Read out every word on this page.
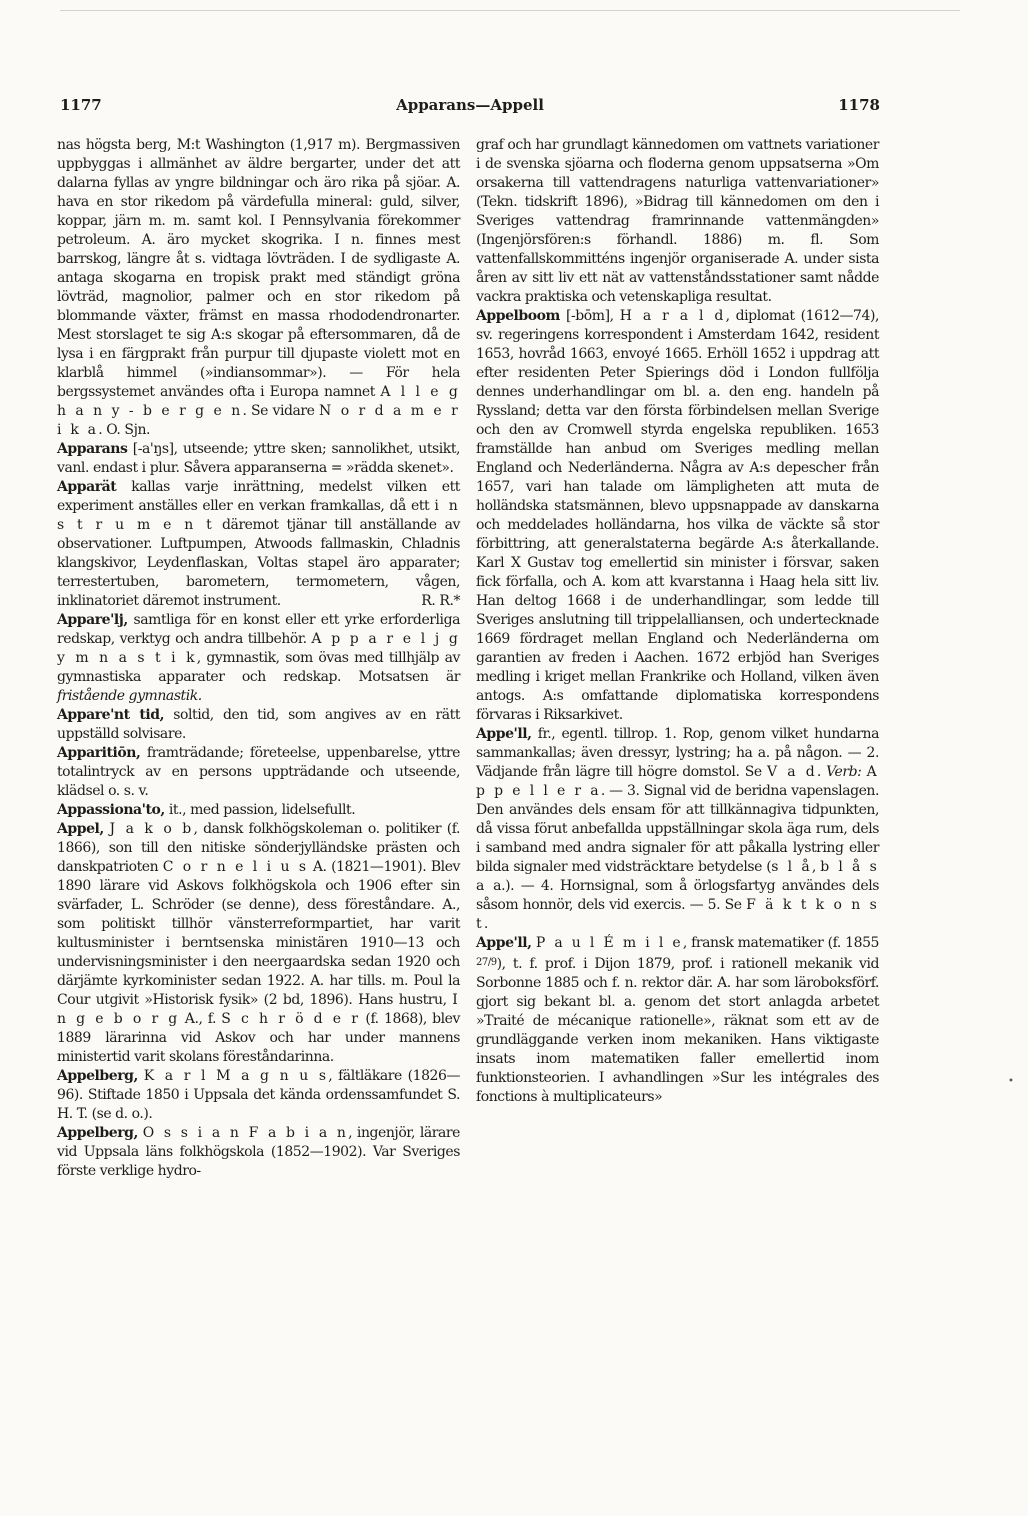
1177	Apparans—Appell	1178

nas högsta berg, M:t Washington (1,917 m). Bergmassiven uppbyggas i allmänhet av äldre bergarter, under det att dalarna fyllas av yngre bildningar och äro rika på sjöar. A. hava en stor rikedom på värdefulla mineral: guld, silver, koppar, järn m. m. samt kol. I Pennsylvania förekommer petroleum. A. äro mycket skogrika. I n. finnes mest barrskog, längre åt s. vidtaga lövträden. I de sydligaste A. antaga skogarna en tropisk prakt med ständigt gröna lövträd, magnolior, palmer och en stor rikedom på blommande växter, främst en massa rhododendronarter. Mest storslaget te sig A:s skogar på eftersommaren, då de lysa i en färgprakt från purpur till djupaste violett mot en klarblå himmel (»indiansommar»). — För hela bergssystemet användes ofta i Europa namnet A l l e g h a n y - b e r g e n. Se vidare N o r d a m e r i k a. O. Sjn.

Apparans [-a'ŋs], utseende; yttre sken; sannolikhet, utsikt, vanl. endast i plur. Såvera apparanserna = »rädda skenet».

Apparät kallas varje inrättning, medelst vilken ett experiment anställes eller en verkan framkallas, då ett i n s t r u m e n t däremot tjänar till anställande av observationer. Luftpumpen, Atwoods fallmaskin, Chladnis klangskivor, Leydenflaskan, Voltas stapel äro apparater; terrestertuben, barometern, termometern, vågen, inklinatoriet däremot instrument.	R. R.*

Appare'lj, samtliga för en konst eller ett yrke erforderliga redskap, verktyg och andra tillbehör. A p p a r e l j g y m n a s t i k, gymnastik, som övas med tillhjälp av gymnastiska apparater och redskap. Motsatsen är fristående gymnastik.

Appare'nt tid, soltid, den tid, som angives av en rätt uppställd solvisare.

Apparitiōn, framträdande; företeelse, uppenbarelse, yttre totalintryck av en persons uppträdande och utseende, klädsel o. s. v.

Appassiona'to, it., med passion, lidelsefullt.

Appel, J a k o b, dansk folkhögskoleman o. politiker (f. 1866), son till den nitiske sönderjylländske prästen och danskpatrioten C o r n e l i u s A. (1821—1901). Blev 1890 lärare vid Askovs folkhögskola och 1906 efter sin svärfader, L. Schröder (se denne), dess föreståndare. A., som politiskt tillhör vänsterreformpartiet, har varit kultusminister i berntsenska ministären 1910—13 och undervisningsminister i den neergaardska sedan 1920 och därjämte kyrkominister sedan 1922. A. har tills. m. Poul la Cour utgivit »Historisk fysik» (2 bd, 1896). Hans hustru, I n g e b o r g A., f. S c h r ö d e r (f. 1868), blev 1889 lärarinna vid Askov och har under mannens ministertid varit skolans föreståndarinna.

Appelberg, K a r l M a g n u s, fältläkare (1826—96). Stiftade 1850 i Uppsala det kända ordenssamfundet S. H. T. (se d. o.).

Appelberg, O s s i a n F a b i a n, ingenjör, lärare vid Uppsala läns folkhögskola (1852—1902). Var Sveriges förste verklige hydro-

graf och har grundlagt kännedomen om vattnets variationer i de svenska sjöarna och floderna genom uppsatserna »Om orsakerna till vattendragens naturliga vattenvariationer» (Tekn. tidskrift 1896), »Bidrag till kännedomen om den i Sveriges vattendrag framrinnande vattenmängden» (Ingenjörsfören:s förhandl. 1886) m. fl. Som vattenfallskommitténs ingenjör organiserade A. under sista åren av sitt liv ett nät av vattenståndsstationer samt nådde vackra praktiska och vetenskapliga resultat.

Appelboom [-bōm], H a r a l d, diplomat (1612—74), sv. regeringens korrespondent i Amsterdam 1642, resident 1653, hovråd 1663, envoyé 1665. Erhöll 1652 i uppdrag att efter residenten Peter Spierings död i London fullfölja dennes underhandlingar om bl. a. den eng. handeln på Ryssland; detta var den första förbindelsen mellan Sverige och den av Cromwell styrda engelska republiken. 1653 framställde han anbud om Sveriges medling mellan England och Nederländerna. Några av A:s depescher från 1657, vari han talade om lämpligheten att muta de holländska statsmännen, blevo uppsnappade av danskarna och meddelades holländarna, hos vilka de väckte så stor förbittring, att generalstaterna begärde A:s återkallande. Karl X Gustav tog emellertid sin minister i försvar, saken fick förfalla, och A. kom att kvarstanna i Haag hela sitt liv. Han deltog 1668 i de underhandlingar, som ledde till Sveriges anslutning till trippelalliansen, och undertecknade 1669 fördraget mellan England och Nederländerna om garantien av freden i Aachen. 1672 erbjöd han Sveriges medling i kriget mellan Frankrike och Holland, vilken även antogs. A:s omfattande diplomatiska korrespondens förvaras i Riksarkivet.

Appe'll, fr., egentl. tillrop. 1. Rop, genom vilket hundarna sammankallas; även dressyr, lystring; ha a. på någon. — 2. Vädjande från lägre till högre domstol. Se V a d. Verb: A p p e l l e r a. — 3. Signal vid de beridna vapenslagen. Den användes dels ensam för att tillkännagiva tidpunkten, då vissa förut anbefallda uppställningar skola äga rum, dels i samband med andra signaler för att påkalla lystring eller bilda signaler med vidsträcktare betydelse (s l å, b l å s a a.). — 4. Hornsignal, som å örlogsfartyg användes dels såsom honnör, dels vid exercis. — 5. Se F ä k t k o n s t.

Appe'll, P a u l É m i l e, fransk matematiker (f. 1855 $^{27/9}$), t. f. prof. i Dijon 1879, prof. i rationell mekanik vid Sorbonne 1885 och f. n. rektor där. A. har som läroboksförf. gjort sig bekant bl. a. genom det stort anlagda arbetet »Traité de mécanique rationelle», räknat som ett av de grundläggande verken inom mekaniken. Hans viktigaste insats inom matematiken faller emellertid inom funktionsteorien. I avhandlingen »Sur les intégrales des fonctions à multiplicateurs»

•
